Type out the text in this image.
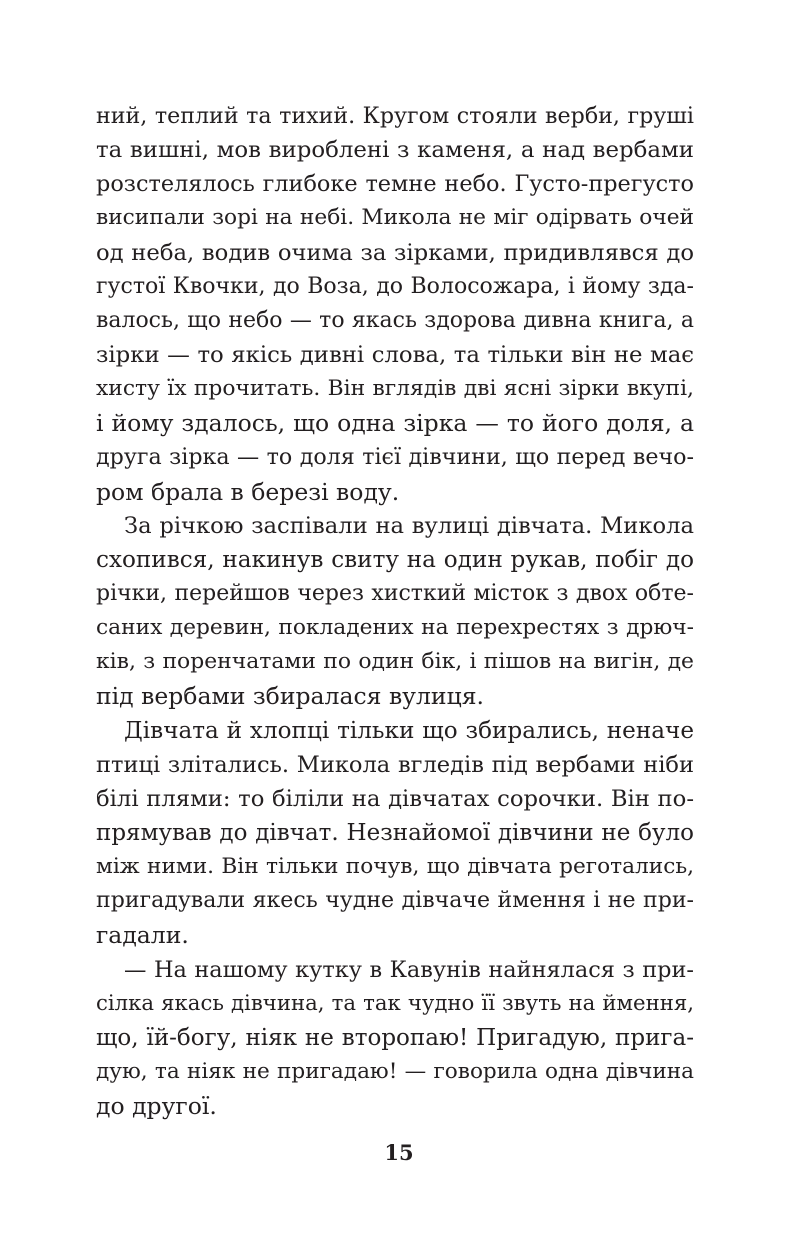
ний, теплий та тихий. Кругом стояли верби, груші
та вишні, мов вироблені з каменя, а над вербами
розстелялось глибоке темне небо. Густо-прегусто
висипали зорі на небі. Микола не міг одірвать очей
од неба, водив очима за зірками, придивлявся до
густої Квочки, до Воза, до Волосожара, і йому зда-
валось, що небо — то якась здорова дивна книга, а
зірки — то якісь дивні слова, та тільки він не має
хисту їх прочитать. Він вглядів дві ясні зірки вкупі,
і йому здалось, що одна зірка — то його доля, а
друга зірка — то доля тієї дівчини, що перед вечо-
ром брала в березі воду.
За річкою заспівали на вулиці дівчата. Микола
схопився, накинув свиту на один рукав, побіг до
річки, перейшов через хисткий місток з двох обте-
саних деревин, покладених на перехрестях з дрюч-
ків, з поренчатами по один бік, і пішов на вигін, де
під вербами збиралася вулиця.
Дівчата й хлопці тільки що збирались, неначе
птиці злітались. Микола вгледів під вербами ніби
білі плями: то біліли на дівчатах сорочки. Він по-
прямував до дівчат. Незнайомої дівчини не було
між ними. Він тільки почув, що дівчата реготались,
пригадували якесь чудне дівчаче ймення і не при-
гадали.
— На нашому кутку в Кавунів найнялася з при-
сілка якась дівчина, та так чудно її звуть на ймення,
що, їй-богу, ніяк не второпаю! Пригадую, прига-
дую, та ніяк не пригадаю! — говорила одна дівчина
до другої.
15
